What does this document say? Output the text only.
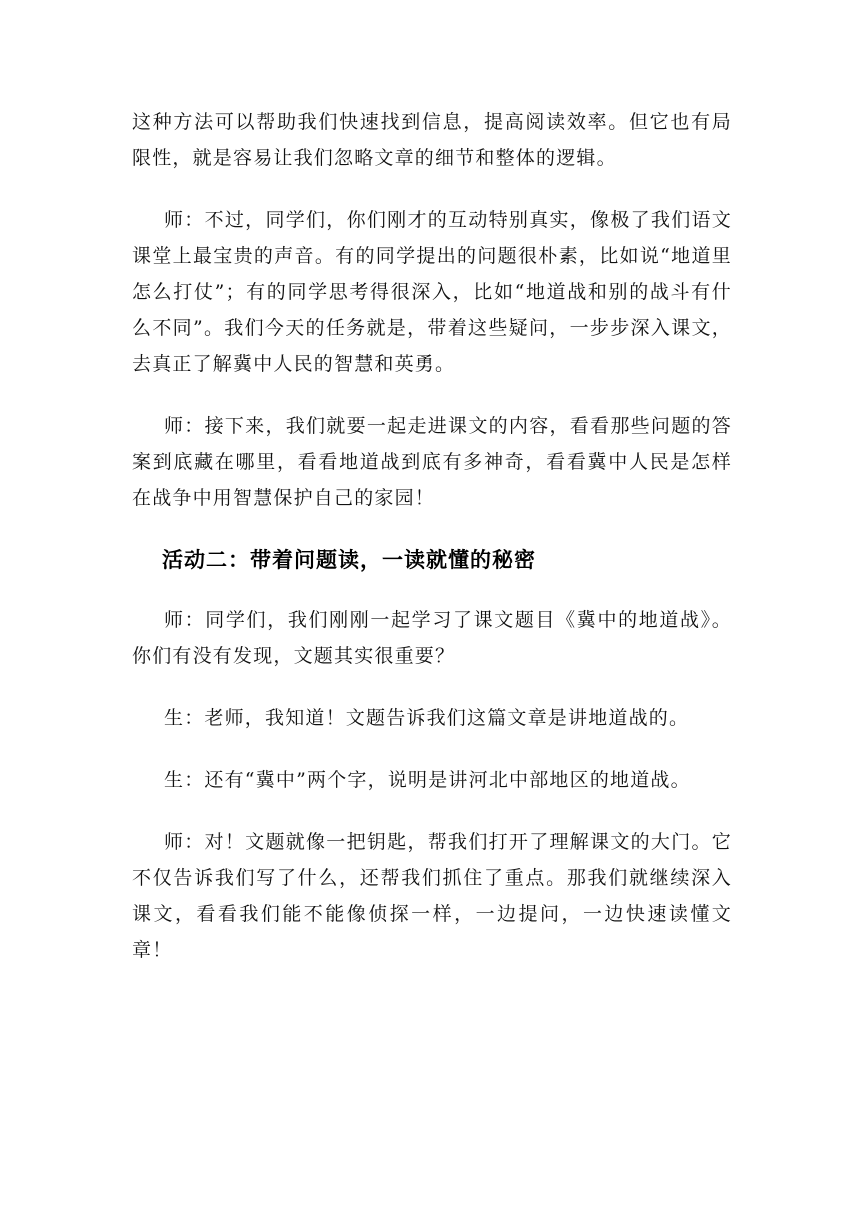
这种方法可以帮助我们快速找到信息，提高阅读效率。但它也有局限性，就是容易让我们忽略文章的细节和整体的逻辑。

师：不过，同学们，你们刚才的互动特别真实，像极了我们语文课堂上最宝贵的声音。有的同学提出的问题很朴素，比如说“地道里怎么打仗”；有的同学思考得很深入，比如“地道战和别的战斗有什么不同”。我们今天的任务就是，带着这些疑问，一步步深入课文，去真正了解冀中人民的智慧和英勇。

师：接下来，我们就要一起走进课文的内容，看看那些问题的答案到底藏在哪里，看看地道战到底有多神奇，看看冀中人民是怎样在战争中用智慧保护自己的家园！

活动二：带着问题读，一读就懂的秘密

师：同学们，我们刚刚一起学习了课文题目《冀中的地道战》。你们有没有发现，文题其实很重要？

生：老师，我知道！文题告诉我们这篇文章是讲地道战的。

生：还有“冀中”两个字，说明是讲河北中部地区的地道战。

师：对！文题就像一把钥匙，帮我们打开了理解课文的大门。它不仅告诉我们写了什么，还帮我们抓住了重点。那我们就继续深入课文，看看我们能不能像侦探一样，一边提问，一边快速读懂文章！
